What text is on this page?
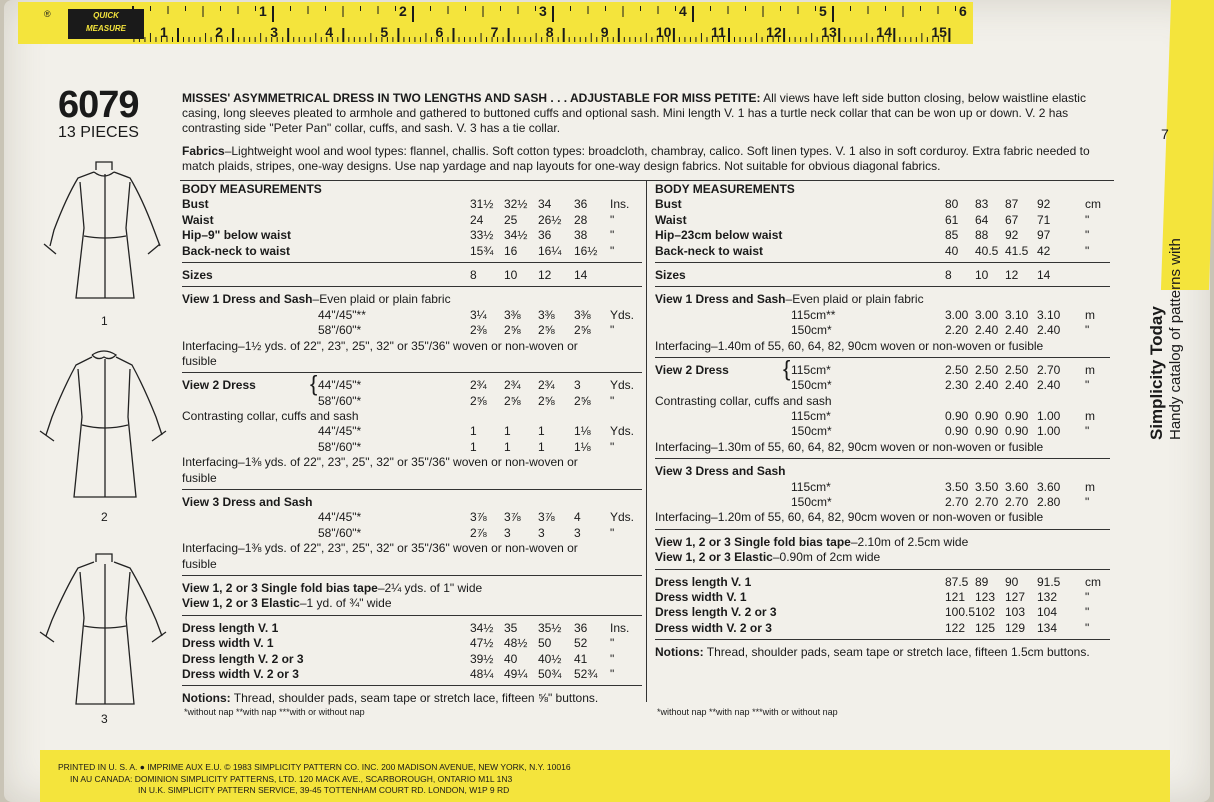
®	QUICK
MEASURE
1	2	3	4	5	6
1	2	3	4	5	6	7	8	9	10	11	12	13	14	15
7
6079
13 PIECES
MISSES' ASYMMETRICAL DRESS IN TWO LENGTHS AND SASH . . . ADJUSTABLE FOR MISS PETITE: All views have left side button closing, below waistline elastic casing, long sleeves pleated to armhole and gathered to buttoned cuffs and optional sash. Mini length V. 1 has a turtle neck collar that can be won up or down. V. 2 has contrasting side "Peter Pan" collar, cuffs, and sash. V. 3 has a tie collar.
Fabrics–Lightweight wool and wool types: flannel, challis. Soft cotton types: broadcloth, chambray, calico. Soft linen types. V. 1 also in soft corduroy. Extra fabric needed to match plaids, stripes, one-way designs. Use nap yardage and nap layouts for one-way design fabrics. Not suitable for obvious diagonal fabrics.
BODY MEASUREMENTS
Bust	31½ 32½ 34 36 Ins.
Waist	24 25 26½ 28 "
Hip–9" below waist	33½ 34½ 36 38 "
Back-neck to waist	15¾ 16 16¼ 16½ "
Sizes	8 10 12 14
View 1 Dress and Sash–Even plaid or plain fabric
44"/45"**	3¼ 3⅜ 3⅜ 3⅜ Yds.
58"/60"*	2⅜ 2⅝ 2⅝ 2⅝ "
Interfacing–1½ yds. of 22", 23", 25", 32" or 35"/36" woven or non-woven or
fusible
View 2 Dress { 44"/45"*	2¾ 2¾ 2¾ 3 Yds.
58"/60"*	2⅝ 2⅝ 2⅝ 2⅝ "
Contrasting collar, cuffs and sash
44"/45"*	1 1 1 1⅛ Yds.
58"/60"*	1 1 1 1⅛ "
Interfacing–1⅜ yds. of 22", 23", 25", 32" or 35"/36" woven or non-woven or
fusible
View 3 Dress and Sash
44"/45"*	3⅞ 3⅞ 3⅞ 4 Yds.
58"/60"*	2⅞ 3 3 3 "
Interfacing–1⅜ yds. of 22", 23", 25", 32" or 35"/36" woven or non-woven or
fusible
View 1, 2 or 3 Single fold bias tape–2¼ yds. of 1" wide
View 1, 2 or 3 Elastic–1 yd. of ¾" wide
Dress length V. 1	34½ 35 35½ 36 Ins.
Dress width V. 1	47½ 48½ 50 52 "
Dress length V. 2 or 3	39½ 40 40½ 41 "
Dress width V. 2 or 3	48¼ 49¼ 50¾ 52¾ "
Notions: Thread, shoulder pads, seam tape or stretch lace, fifteen ⅝" buttons.
BODY MEASUREMENTS
Bust	80 83 87 92	cm
Waist	61 64 67 71	"
Hip–23cm below waist	85 88 92 97	"
Back-neck to waist	40 40.5 41.5 42	"
Sizes	8 10 12 14
View 1 Dress and Sash–Even plaid or plain fabric
115cm**	3.00 3.00 3.10 3.10 m
150cm*	2.20 2.40 2.40 2.40 "
Interfacing–1.40m of 55, 60, 64, 82, 90cm woven or non-woven or fusible
View 2 Dress { 115cm*	2.50 2.50 2.50 2.70 m
150cm*	2.30 2.40 2.40 2.40 "
Contrasting collar, cuffs and sash
115cm*	0.90 0.90 0.90 1.00 m
150cm*	0.90 0.90 0.90 1.00 "
Interfacing–1.30m of 55, 60, 64, 82, 90cm woven or non-woven or fusible
View 3 Dress and Sash
115cm*	3.50 3.50 3.60 3.60 m
150cm*	2.70 2.70 2.70 2.80 "
Interfacing–1.20m of 55, 60, 64, 82, 90cm woven or non-woven or fusible
View 1, 2 or 3 Single fold bias tape–2.10m of 2.5cm wide
View 1, 2 or 3 Elastic–0.90m of 2cm wide
Dress length V. 1	87.5 89 90 91.5 cm
Dress width V. 1	121 123 127 132 "
Dress length V. 2 or 3	100.5 102 103 104 "
Dress width V. 2 or 3	122 125 129 134 "
Notions: Thread, shoulder pads, seam tape or stretch lace, fifteen 1.5cm buttons.
*without nap **with nap ***with or without nap	*without nap **with nap ***with or without nap
1
2
3
Simplicity Today
Handy catalog of patterns with
PRINTED IN U. S. A. ● IMPRIME AUX E.U. © 1983 SIMPLICITY PATTERN CO. INC. 200 MADISON AVENUE, NEW YORK, N.Y. 10016
IN AU CANADA: DOMINION SIMPLICITY PATTERNS, LTD. 120 MACK AVE., SCARBOROUGH, ONTARIO M1L 1N3
IN U.K. SIMPLICITY PATTERN SERVICE, 39-45 TOTTENHAM COURT RD. LONDON, W1P 9 RD
